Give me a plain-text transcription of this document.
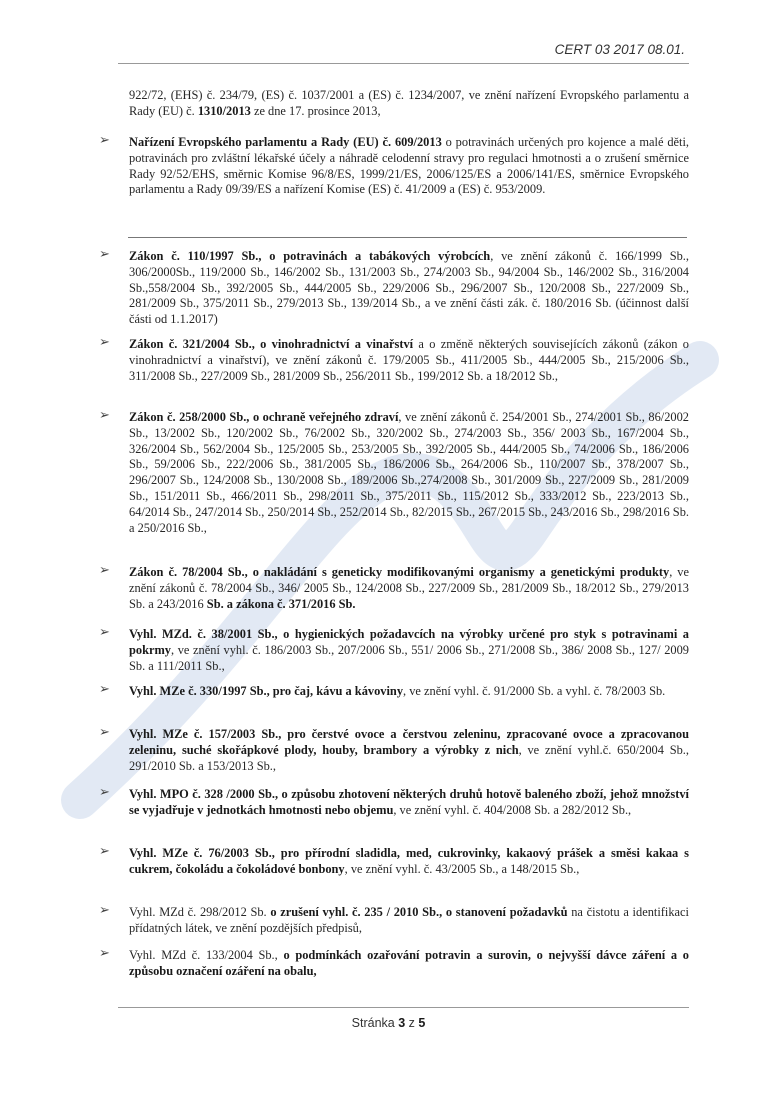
CERT 03 2017 08.01.
922/72, (EHS) č. 234/79, (ES) č. 1037/2001 a (ES) č. 1234/2007, ve znění nařízení Evropského parlamentu a Rady (EU) č. 1310/2013 ze dne 17. prosince 2013,
➢ Nařízení Evropského parlamentu a Rady (EU) č. 609/2013 o potravinách určených pro kojence a malé děti, potravinách pro zvláštní lékařské účely a náhradě celodenní stravy pro regulaci hmotnosti a o zrušení směrnice Rady 92/52/EHS, směrnic Komise 96/8/ES, 1999/21/ES, 2006/125/ES a 2006/141/ES, směrnice Evropského parlamentu a Rady 09/39/ES a nařízení Komise (ES) č. 41/2009 a (ES) č. 953/2009.
➢ Zákon č. 110/1997 Sb., o potravinách a tabákových výrobcích, ve znění zákonů č. 166/1999 Sb., 306/2000Sb., 119/2000 Sb., 146/2002 Sb., 131/2003 Sb., 274/2003 Sb., 94/2004 Sb., 146/2002 Sb., 316/2004 Sb.,558/2004 Sb., 392/2005 Sb., 444/2005 Sb., 229/2006 Sb., 296/2007 Sb., 120/2008 Sb., 227/2009 Sb., 281/2009 Sb., 375/2011 Sb., 279/2013 Sb., 139/2014 Sb., a ve znění části zák. č. 180/2016 Sb. (účinnost další části od 1.1.2017)
➢ Zákon č. 321/2004 Sb., o vinohradnictví a vinařství a o změně některých souvisejících zákonů (zákon o vinohradnictví a vinařství), ve znění zákonů č. 179/2005 Sb., 411/2005 Sb., 444/2005 Sb., 215/2006 Sb., 311/2008 Sb., 227/2009 Sb., 281/2009 Sb., 256/2011 Sb., 199/2012 Sb. a 18/2012 Sb.,
➢ Zákon č. 258/2000 Sb., o ochraně veřejného zdraví, ve znění zákonů č. 254/2001 Sb., 274/2001 Sb., 86/2002 Sb., 13/2002 Sb., 120/2002 Sb., 76/2002 Sb., 320/2002 Sb., 274/2003 Sb., 356/ 2003 Sb., 167/2004 Sb., 326/2004 Sb., 562/2004 Sb., 125/2005 Sb., 253/2005 Sb., 392/2005 Sb., 444/2005 Sb., 74/2006 Sb., 186/2006 Sb., 59/2006 Sb., 222/2006 Sb., 381/2005 Sb., 186/2006 Sb., 264/2006 Sb., 110/2007 Sb., 378/2007 Sb., 296/2007 Sb., 124/2008 Sb., 130/2008 Sb., 189/2006 Sb.,274/2008 Sb., 301/2009 Sb., 227/2009 Sb., 281/2009 Sb., 151/2011 Sb., 466/2011 Sb., 298/2011 Sb., 375/2011 Sb., 115/2012 Sb., 333/2012 Sb., 223/2013 Sb., 64/2014 Sb., 247/2014 Sb., 250/2014 Sb., 252/2014 Sb., 82/2015 Sb., 267/2015 Sb., 243/2016 Sb., 298/2016 Sb. a 250/2016 Sb.,
➢ Zákon č. 78/2004 Sb., o nakládání s geneticky modifikovanými organismy a genetickými produkty, ve znění zákonů č. 78/2004 Sb., 346/ 2005 Sb., 124/2008 Sb., 227/2009 Sb., 281/2009 Sb., 18/2012 Sb., 279/2013 Sb. a 243/2016 Sb. a zákona č. 371/2016 Sb.
➢ Vyhl. MZd. č. 38/2001 Sb., o hygienických požadavcích na výrobky určené pro styk s potravinami a pokrmy, ve znění vyhl. č. 186/2003 Sb., 207/2006 Sb., 551/ 2006 Sb., 271/2008 Sb., 386/ 2008 Sb., 127/ 2009 Sb. a 111/2011 Sb.,
➢ Vyhl. MZe č. 330/1997 Sb., pro čaj, kávu a kávoviny, ve znění vyhl. č. 91/2000 Sb. a vyhl. č. 78/2003 Sb.
➢ Vyhl. MZe č. 157/2003 Sb., pro čerstvé ovoce a čerstvou zeleninu, zpracované ovoce a zpracovanou zeleninu, suché skořápkové plody, houby, brambory a výrobky z nich, ve znění vyhl.č. 650/2004 Sb., 291/2010 Sb. a 153/2013 Sb.,
➢ Vyhl. MPO č. 328 /2000 Sb., o způsobu zhotovení některých druhů hotově baleného zboží, jehož množství se vyjadřuje v jednotkách hmotnosti nebo objemu, ve znění vyhl. č. 404/2008 Sb. a 282/2012 Sb.,
➢ Vyhl. MZe č. 76/2003 Sb., pro přírodní sladidla, med, cukrovinky, kakaový prášek a směsi kakaa s cukrem, čokoládu a čokoládové bonbony, ve znění vyhl. č. 43/2005 Sb., a 148/2015 Sb.,
➢ Vyhl. MZd č. 298/2012 Sb. o zrušení vyhl. č. 235 / 2010 Sb., o stanovení požadavků na čistotu a identifikaci přídatných látek, ve znění pozdějších předpisů,
➢ Vyhl. MZd č. 133/2004 Sb., o podmínkách ozařování potravin a surovin, o nejvyšší dávce záření a o způsobu označení ozáření na obalu,
Stránka 3 z 5
